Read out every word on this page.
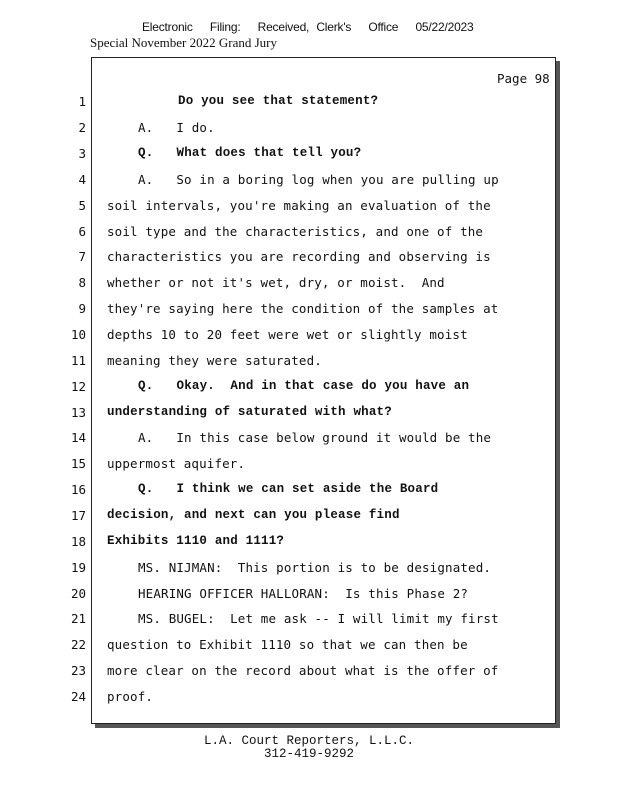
Electronic Filing: Received, Clerk's Office 05/22/2023
Special November 2022 Grand Jury
Page 98
1	Do you see that statement?
2	A.   I do.
3	Q.   What does that tell you?
4	A.   So in a boring log when you are pulling up
5 soil intervals, you're making an evaluation of the
6 soil type and the characteristics, and one of the
7 characteristics you are recording and observing is
8 whether or not it's wet, dry, or moist.  And
9 they're saying here the condition of the samples at
10 depths 10 to 20 feet were wet or slightly moist
11 meaning they were saturated.
12	Q.   Okay.  And in that case do you have an
13 understanding of saturated with what?
14	A.   In this case below ground it would be the
15 uppermost aquifer.
16	Q.   I think we can set aside the Board
17 decision, and next can you please find
18 Exhibits 1110 and 1111?
19	MS. NIJMAN:  This portion is to be designated.
20	HEARING OFFICER HALLORAN:  Is this Phase 2?
21	MS. BUGEL:  Let me ask -- I will limit my first
22 question to Exhibit 1110 so that we can then be
23 more clear on the record about what is the offer of
24 proof.
L.A. Court Reporters, L.L.C.
312-419-9292
